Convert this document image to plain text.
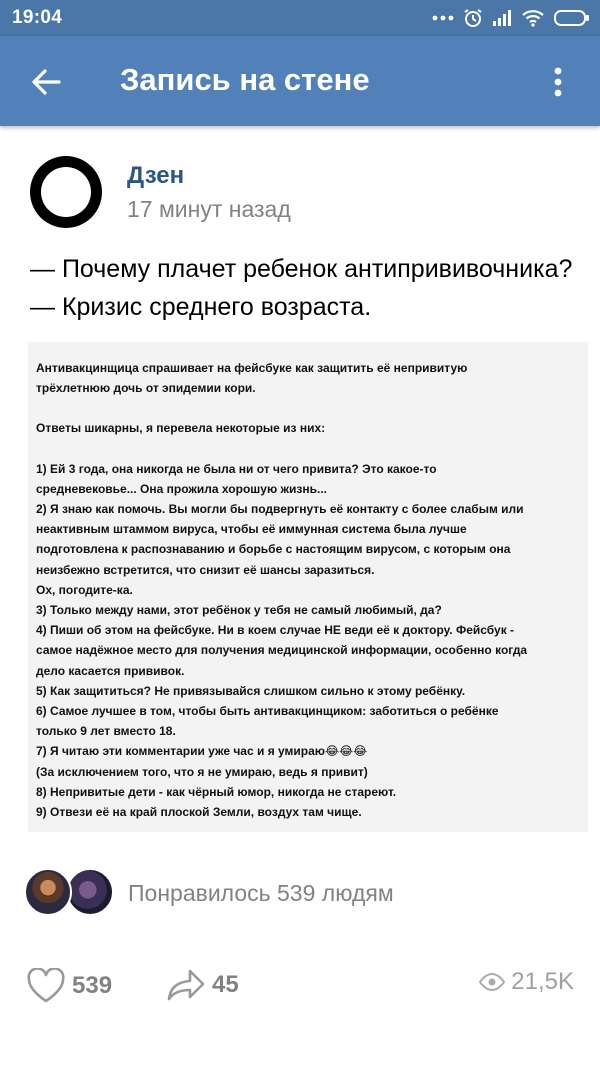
19:04
Запись на стене
Дзен
17 минут назад
— Почему плачет ребенок антипрививочника?
— Кризис среднего возраста.

Антивакцинщица спрашивает на фейсбуке как защитить её непривитую

трёхлетнюю дочь от эпидемии кори.

Ответы шикарны, я перевела некоторые из них:

1) Ей 3 года, она никогда не была ни от чего привита? Это какое-то

средневековье... Она прожила хорошую жизнь...

2) Я знаю как помочь. Вы могли бы подвергнуть её контакту с более слабым или

неактивным штаммом вируса, чтобы её иммунная система была лучше

подготовлена к распознаванию и борьбе с настоящим вирусом, с которым она

неизбежно встретится, что снизит её шансы заразиться.

Ох, погодите-ка.

3) Только между нами, этот ребёнок у тебя не самый любимый, да?

4) Пиши об этом на фейсбуке. Ни в коем случае НЕ веди её к доктору. Фейсбук -

самое надёжное место для получения медицинской информации, особенно когда

дело касается прививок.

5) Как защититься? Не привязывайся слишком сильно к этому ребёнку.

6) Самое лучшее в том, чтобы быть антивакцинщиком: заботиться о ребёнке

только 9 лет вместо 18.

7) Я читаю эти комментарии уже час и я умираю😂😂😂

(За исключением того, что я не умираю, ведь я привит)

8) Непривитые дети - как чёрный юмор, никогда не стареют.

9) Отвези её на край плоской Земли, воздух там чище.

Понравилось 539 людям
539	45	21,5K
